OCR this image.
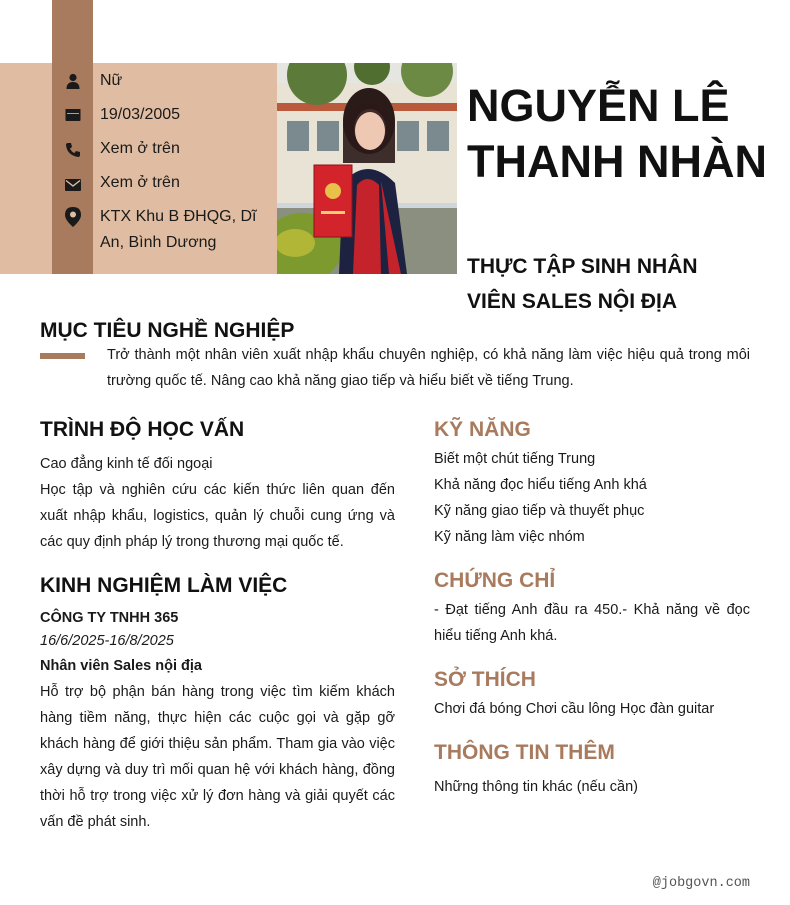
Nữ
19/03/2005
Xem ở trên
Xem ở trên
KTX Khu B ĐHQG, Dĩ An, Bình Dương
NGUYỄN LÊ THANH NHÀN
THỰC TẬP SINH NHÂN VIÊN SALES NỘI ĐỊA
MỤC TIÊU NGHỀ NGHIỆP
Trở thành một nhân viên xuất nhập khẩu chuyên nghiệp, có khả năng làm việc hiệu quả trong môi trường quốc tế. Nâng cao khả năng giao tiếp và hiểu biết về tiếng Trung.
TRÌNH ĐỘ HỌC VẤN
Cao đẳng kinh tế đối ngoại
Học tập và nghiên cứu các kiến thức liên quan đến xuất nhập khẩu, logistics, quản lý chuỗi cung ứng và các quy định pháp lý trong thương mại quốc tế.
KINH NGHIỆM LÀM VIỆC
CÔNG TY TNHH 365
16/6/2025-16/8/2025
Nhân viên Sales nội địa
Hỗ trợ bộ phận bán hàng trong việc tìm kiếm khách hàng tiềm năng, thực hiện các cuộc gọi và gặp gỡ khách hàng để giới thiệu sản phẩm. Tham gia vào việc xây dựng và duy trì mối quan hệ với khách hàng, đồng thời hỗ trợ trong việc xử lý đơn hàng và giải quyết các vấn đề phát sinh.
KỸ NĂNG
Biết một chút tiếng Trung
Khả năng đọc hiểu tiếng Anh khá
Kỹ năng giao tiếp và thuyết phục
Kỹ năng làm việc nhóm
CHỨNG CHỈ
- Đạt tiếng Anh đầu ra 450.- Khả năng về đọc hiểu tiếng Anh khá.
SỞ THÍCH
Chơi đá bóng Chơi cầu lông Học đàn guitar
THÔNG TIN THÊM
Những thông tin khác (nếu cần)
@jobgovn.com
